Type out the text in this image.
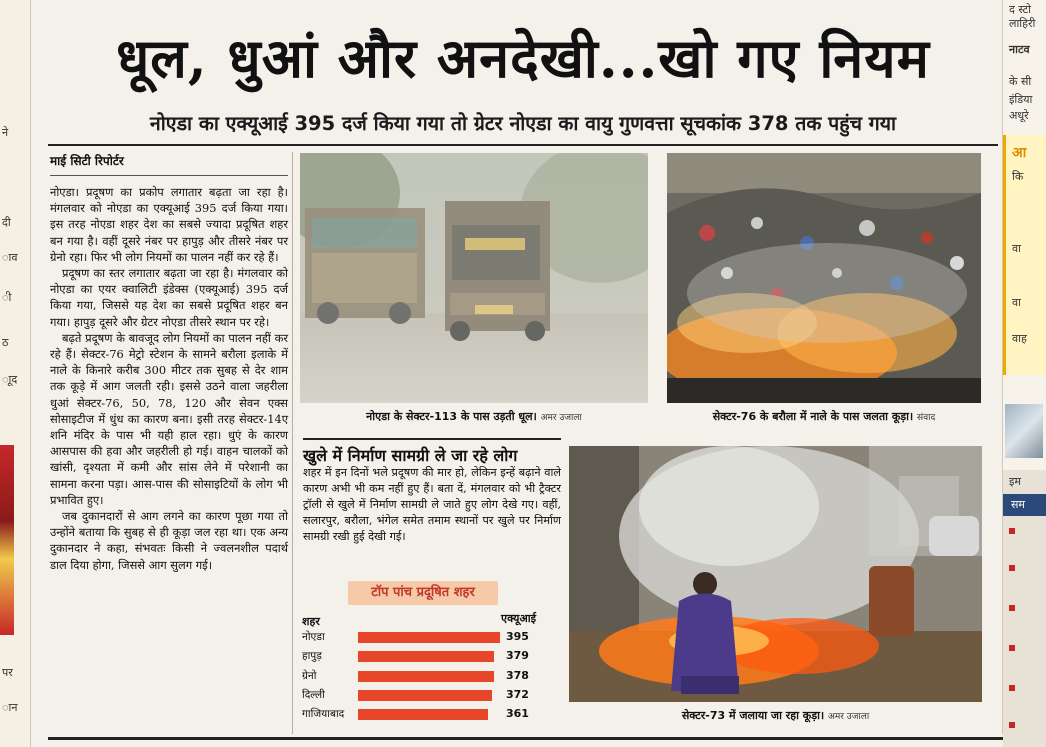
ने
दी
ाव
ी
ठ
ाूद
पर
ान
द स्टो
लाहिरी
नाटव
के सी
इंडिया
अधूरे
आ
कि
वा
वा
वाह
इम
सम
धूल, धुआं और अनदेखी...खो गए नियम
नोएडा का एक्यूआई 395 दर्ज किया गया तो ग्रेटर नोएडा का वायु गुणवत्ता सूचकांक 378 तक पहुंच गया
माई सिटी रिपोर्टर

नोएडा। प्रदूषण का प्रकोप लगातार बढ़ता जा रहा है। मंगलवार को नोएडा का एक्यूआई 395 दर्ज किया गया। इस तरह नोएडा शहर देश का सबसे ज्यादा प्रदूषित शहर बन गया है। वहीं दूसरे नंबर पर हापुड़ और तीसरे नंबर पर ग्रेनो रहा। फिर भी लोग नियमों का पालन नहीं कर रहे हैं।

प्रदूषण का स्तर लगातार बढ़ता जा रहा है। मंगलवार को नोएडा का एयर क्वालिटी इंडेक्स (एक्यूआई) 395 दर्ज किया गया, जिससे यह देश का सबसे प्रदूषित शहर बन गया। हापुड़ दूसरे और ग्रेटर नोएडा तीसरे स्थान पर रहे।

बढ़ते प्रदूषण के बावजूद लोग नियमों का पालन नहीं कर रहे हैं। सेक्टर-76 मेट्रो स्टेशन के सामने बरौला इलाके में नाले के किनारे करीब 300 मीटर तक सुबह से देर शाम तक कूड़े में आग जलती रही। इससे उठने वाला जहरीला धुआं सेक्टर-76, 50, 78, 120 और सेवन एक्स सोसाइटीज में धुंध का कारण बना। इसी तरह सेक्टर-14ए शनि मंदिर के पास भी यही हाल रहा। धुएं के कारण आसपास की हवा और जहरीली हो गई। वाहन चालकों को खांसी, दृश्यता में कमी और सांस लेने में परेशानी का सामना करना पड़ा। आस-पास की सोसाइटियों के लोग भी प्रभावित हुए।

जब दुकानदारों से आग लगने का कारण पूछा गया तो उन्होंने बताया कि सुबह से ही कूड़ा जल रहा था। एक अन्य दुकानदार ने कहा, संभवतः किसी ने ज्वलनशील पदार्थ डाल दिया होगा, जिससे आग सुलग गई।

नोएडा के सेक्टर-113 के पास उड़ती धूल। अमर उजाला	सेक्टर-76 के बरौला में नाले के पास जलता कूड़ा। संवाद
खुले में निर्माण सामग्री ले जा रहे लोग
शहर में इन दिनों भले प्रदूषण की मार हो, लेकिन इन्हें बढ़ाने वाले कारण अभी भी कम नहीं हुए हैं। बता दें, मंगलवार को भी ट्रैक्टर ट्रॉली से खुले में निर्माण सामग्री ले जाते हुए लोग देखे गए। वहीं, सलारपुर, बरौला, भंगेल समेत तमाम स्थानों पर खुले पर निर्माण सामग्री रखी हुई देखी गई।
टॉप पांच प्रदूषित शहर
शहर	एक्यूआई
नोएडा	395
हापुड़	379
ग्रेनो	378
दिल्ली	372
गाजियाबाद	361	सेक्टर-73 में जलाया जा रहा कूड़ा। अमर उजाला
